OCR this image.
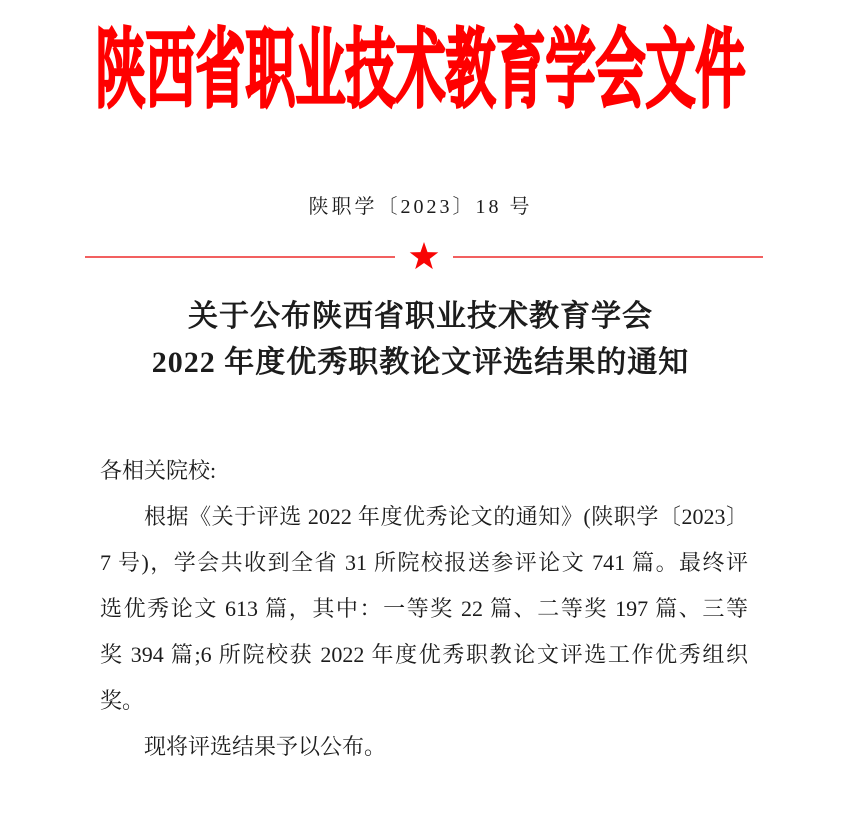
陕西省职业技术教育学会文件
陕职学〔2023〕18 号
关于公布陕西省职业技术教育学会
2022 年度优秀职教论文评选结果的通知
各相关院校:
根据《关于评选 2022 年度优秀论文的通知》(陕职学〔2023〕
7 号)，学会共收到全省 31 所院校报送参评论文 741 篇。最终评
选优秀论文 613 篇，其中：一等奖 22 篇、二等奖 197 篇、三等
奖 394 篇;6 所院校获 2022 年度优秀职教论文评选工作优秀组织
奖。
现将评选结果予以公布。
